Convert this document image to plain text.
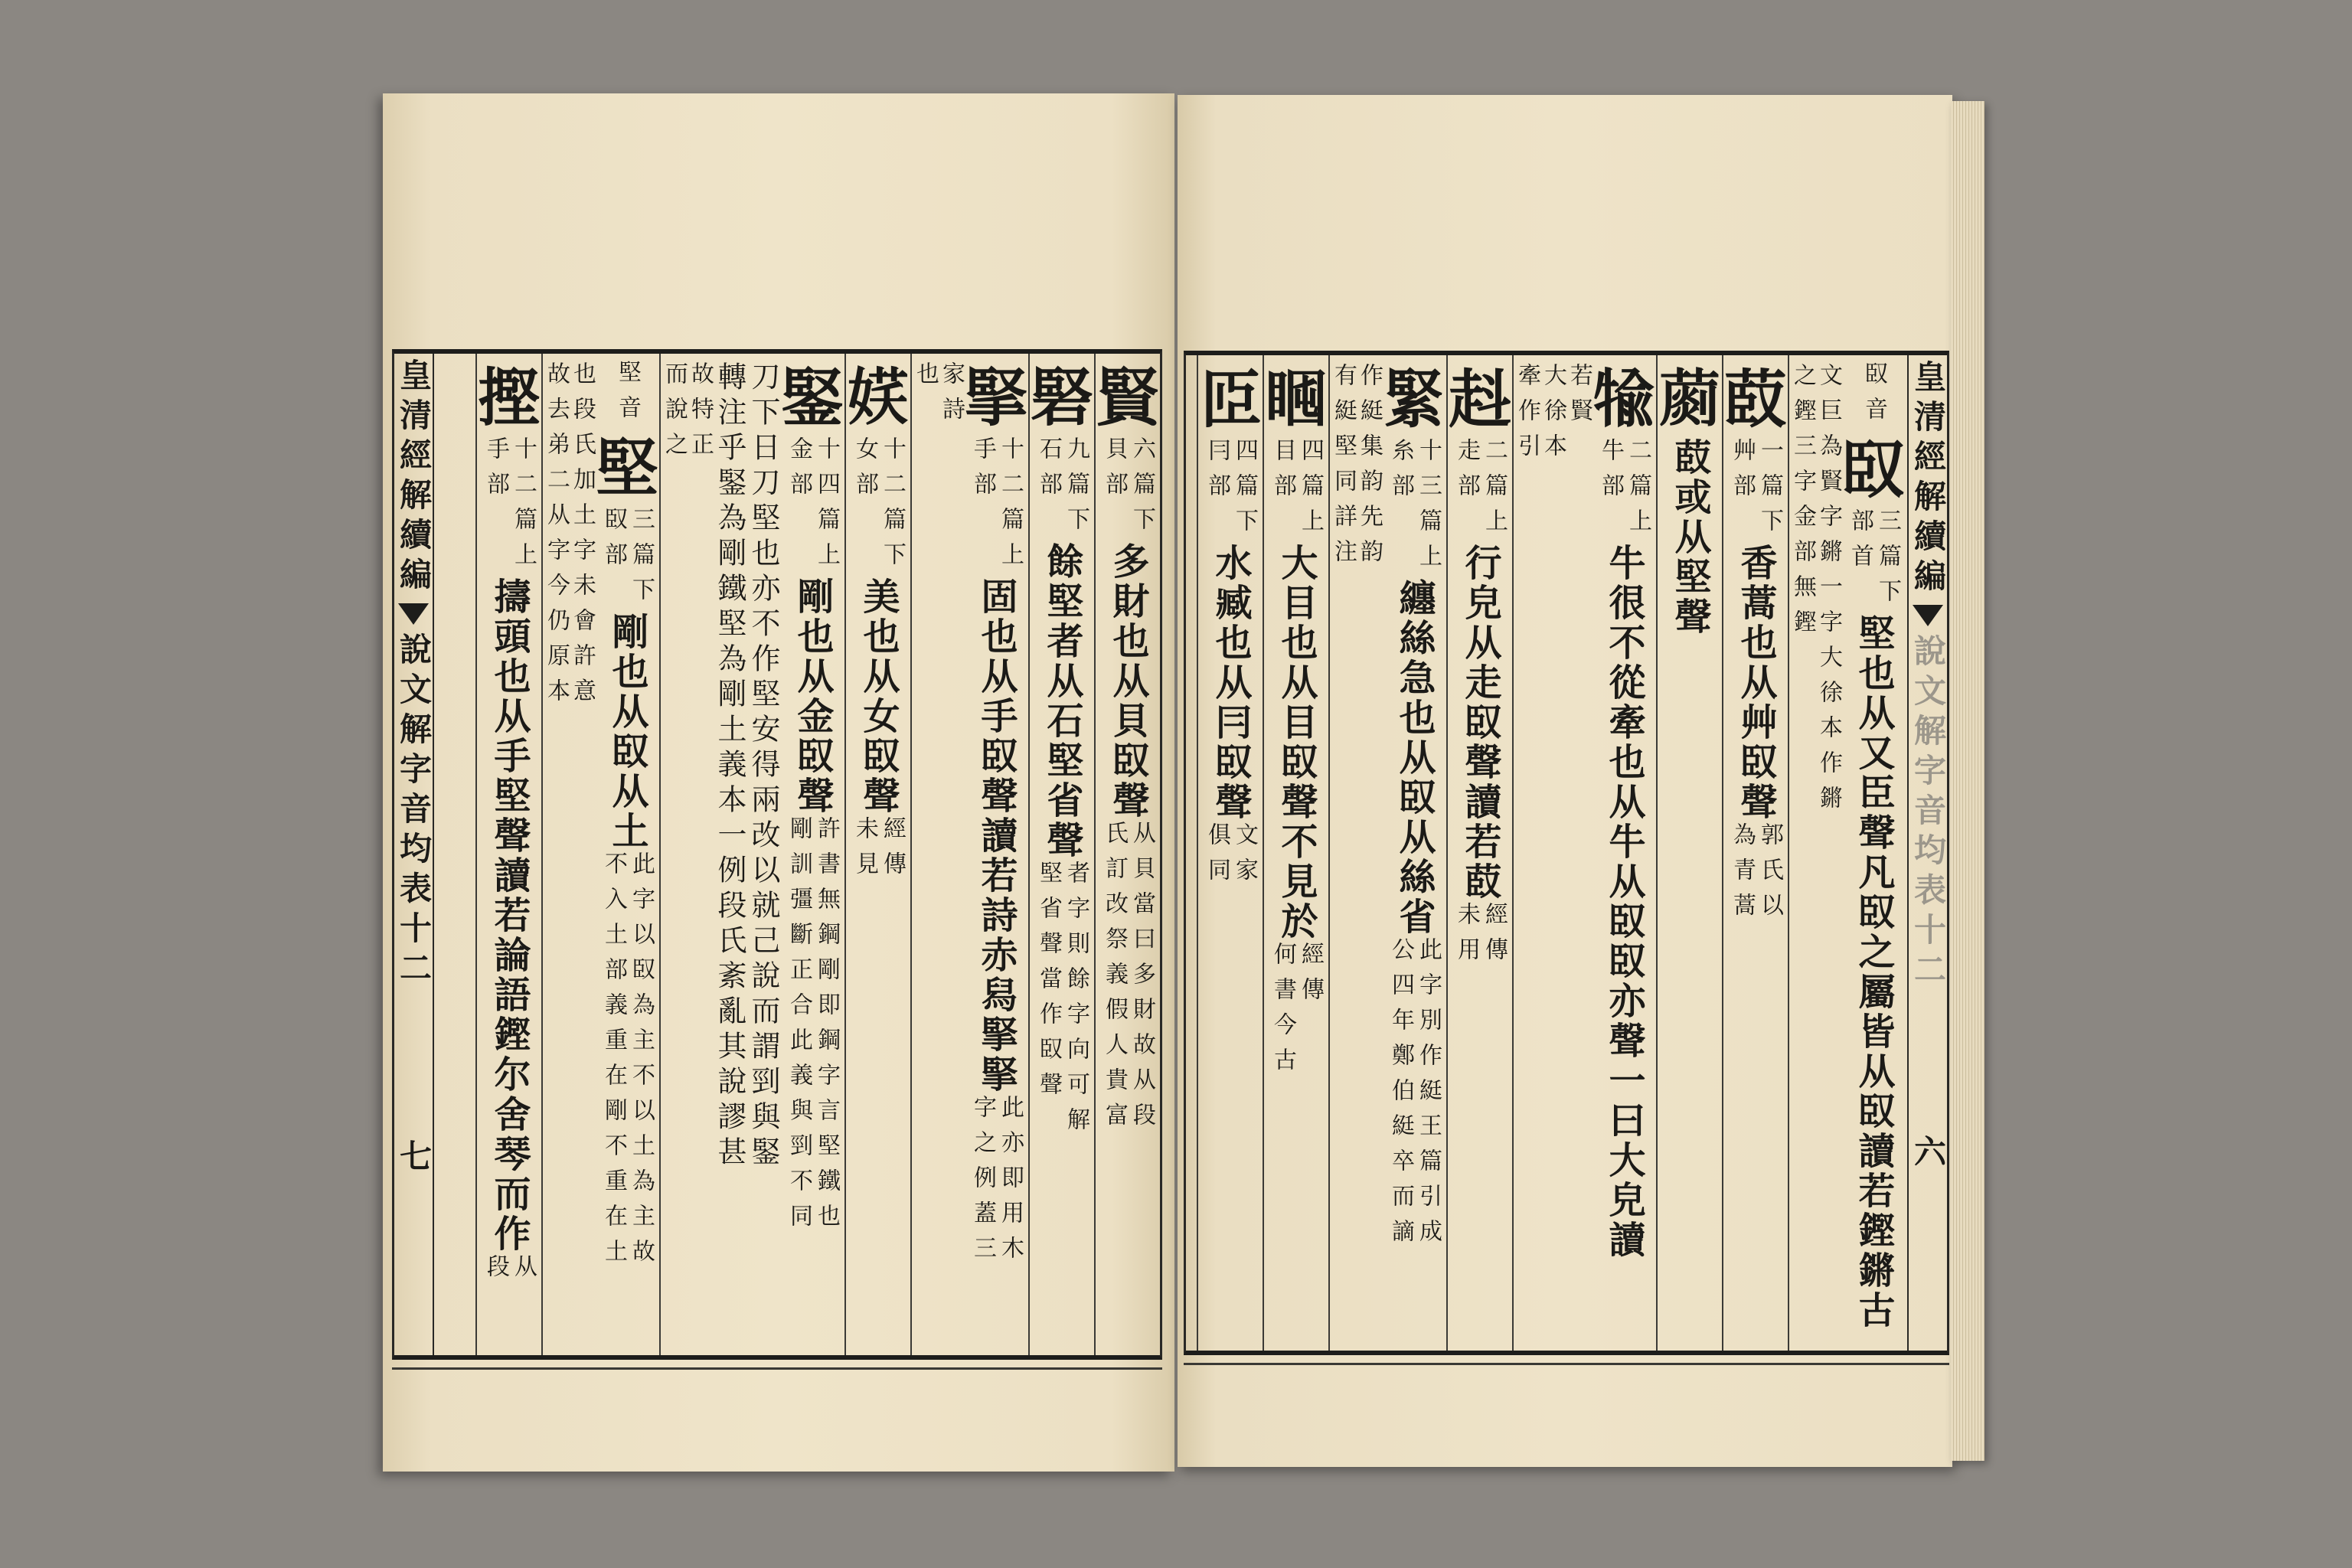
皇清經解續編
說文解字音均表十二
七
賢
六篇下
貝部
多財也从貝臤聲
从貝當曰多財故从段
氏訂改祭義假人貴富
硻
九篇下
石部
餘堅者从石堅省聲
者字則餘字向可解
堅省聲當作臤聲
掔
十二篇上
手部
固也从手臤聲讀若詩赤舄掔掔
此亦即用木
字之例蓋三
家詩
也
𡝩
十二篇下
女部
美也从女臤聲
經傳
未見
鋻
十四篇上
金部
剛也从金臤聲
許書無鋼剛即鋼字言堅鐵也
剛訓彊斷正合此義與剄不同
刀下日刀堅也亦不作堅安得兩改以就己說而謂剄與鋻
轉注乎鋻為剛鐵堅為剛土義本一例段氏紊亂其說謬甚
故特正
而說之
堅音
堅
三篇下
臤部
剛也从臤从土
此字以臤為主不以土為主故
不入土部義重在剛不重在土
也段氏加土字未會許意
故去弟二从字今仍原本
摼
十二篇上
手部
擣頭也从手堅聲讀若論語鏗尔舍琴而作
从
段
皇清經解續編
說文解字音均表十二
六
臤音
臤
三篇下
部首
堅也从又臣聲凡臤之屬皆从臤讀若鏗鏘古
文巨為賢字鏘一字大徐本作鏘
之鏗三字金部無鏗
菣
一篇下
艸部
香蒿也从艸臤聲
郭氏以
為青蒿
𦺶
菣或从堅聲
𤚎
二篇上
牛部
牛很不從牽也从牛从臤臤亦聲一曰大皃讀
若賢
大徐本
牽作引
𧺯
二篇上
走部
行皃从走臤聲讀若菣
經傳
未用
緊
十三篇上
糸部
纏絲急也从臤从絲省
此字別作綎王篇引成
公四年鄭伯綎卒而謫
作綎集韵先韵
有綎堅同詳注
𥇈
四篇上
目部
大目也从目臤聲不見於
經傳
何書今古
𦣝
四篇下
冃部
水臧也从冃臤聲
文家
俱同
